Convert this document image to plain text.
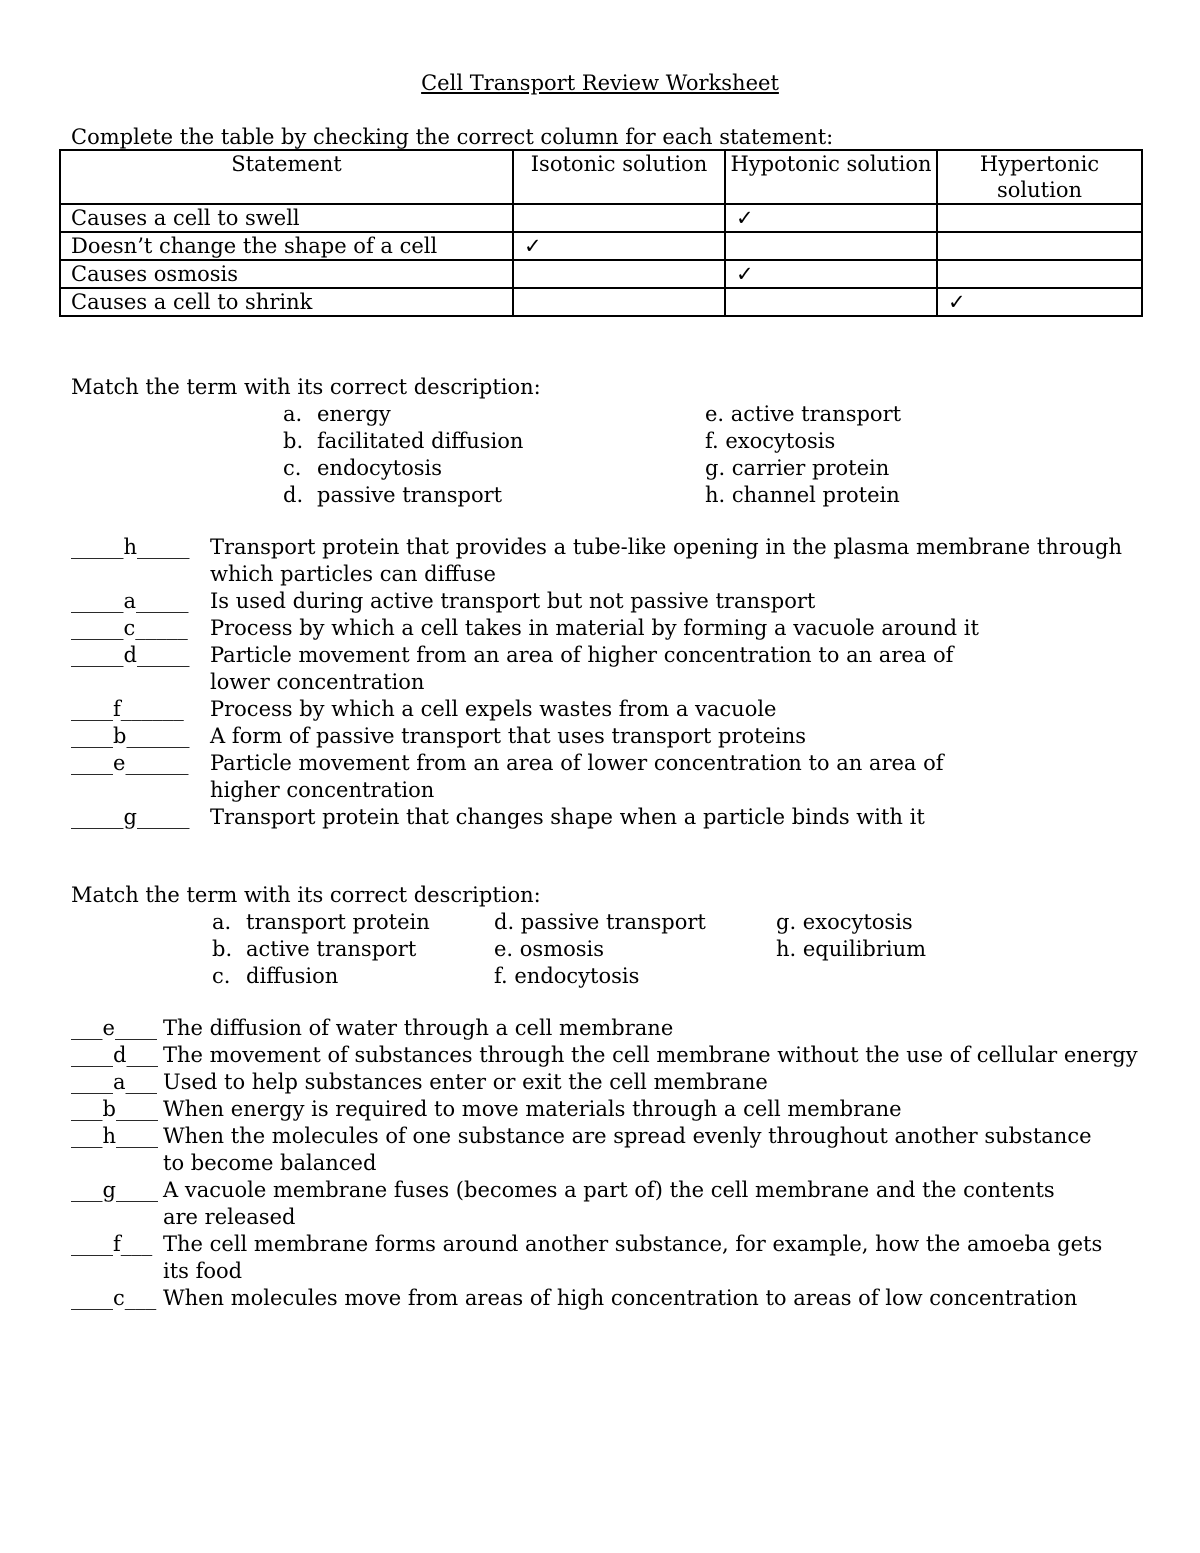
Cell Transport Review Worksheet
Complete the table by checking the correct column for each statement:
Statement	Isotonic solution	Hypotonic solution	Hypertonic solution
Causes a cell to swell		✓	
Doesn’t change the shape of a cell	✓		
Causes osmosis		✓	
Causes a cell to shrink			✓
Match the term with its correct description:
a. energy
b. facilitated diffusion
c. endocytosis
d. passive transport
e. active transport
f. exocytosis
g. carrier protein
h. channel protein
_____h_____ Transport protein that provides a tube-like opening in the plasma membrane through which particles can diffuse
_____a_____	Is used during active transport but not passive transport
_____c_____	Process by which a cell takes in material by forming a vacuole around it
_____d_____ Particle movement from an area of higher concentration to an area of lower concentration
____f______	Process by which a cell expels wastes from a vacuole
____b______ A form of passive transport that uses transport proteins
____e______	Particle movement from an area of lower concentration to an area of higher concentration
_____g_____ Transport protein that changes shape when a particle binds with it
Match the term with its correct description:
a. transport protein
b. active transport
c. diffusion
d. passive transport
e. osmosis
f. endocytosis
g. exocytosis
h. equilibrium
___e____ The diffusion of water through a cell membrane
____d___ The movement of substances through the cell membrane without the use of cellular energy
____a___ Used to help substances enter or exit the cell membrane
___b____ When energy is required to move materials through a cell membrane
___h____ When the molecules of one substance are spread evenly throughout another substance to become balanced
___g____ A vacuole membrane fuses (becomes a part of) the cell membrane and the contents are released
____f___ The cell membrane forms around another substance, for example, how the amoeba gets its food
____c___ When molecules move from areas of high concentration to areas of low concentration
